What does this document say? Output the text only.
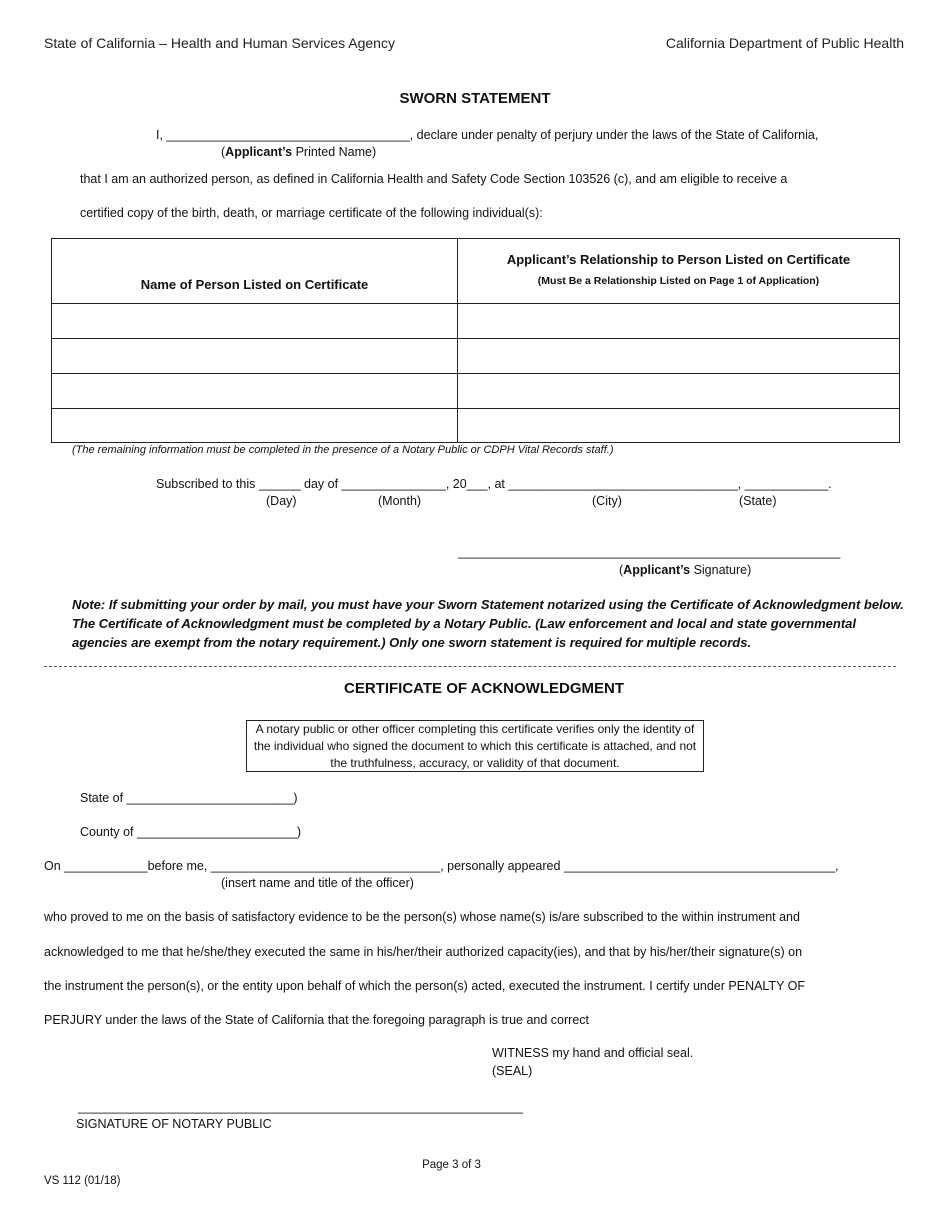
State of California – Health and Human Services Agency	California Department of Public Health
SWORN STATEMENT
I, ___________________________________, declare under penalty of perjury under the laws of the State of California,
(Applicant’s Printed Name)
that I am an authorized person, as defined in California Health and Safety Code Section 103526 (c), and am eligible to receive a
certified copy of the birth, death, or marriage certificate of the following individual(s):
Name of Person Listed on Certificate	Applicant’s Relationship to Person Listed on Certificate
(Must Be a Relationship Listed on Page 1 of Application)

(The remaining information must be completed in the presence of a Notary Public or CDPH Vital Records staff.)
Subscribed to this ______ day of _______________, 20___, at _________________________________, ____________.
(Day)	(Month)	(City)	(State)
_______________________________________________________
(Applicant’s Signature)
Note: If submitting your order by mail, you must have your Sworn Statement notarized using the Certificate of Acknowledgment below. The Certificate of Acknowledgment must be completed by a Notary Public. (Law enforcement and local and state governmental agencies are exempt from the notary requirement.) Only one sworn statement is required for multiple records.
CERTIFICATE OF ACKNOWLEDGMENT
A notary public or other officer completing this certificate verifies only the identity of the individual who signed the document to which this certificate is attached, and not the truthfulness, accuracy, or validity of that document.
State of ________________________)
County of _______________________)
On ____________before me, _________________________________, personally appeared _______________________________________,
(insert name and title of the officer)
who proved to me on the basis of satisfactory evidence to be the person(s) whose name(s) is/are subscribed to the within instrument and
acknowledged to me that he/she/they executed the same in his/her/their authorized capacity(ies), and that by his/her/their signature(s) on
the instrument the person(s), or the entity upon behalf of which the person(s) acted, executed the instrument. I certify under PENALTY OF
PERJURY under the laws of the State of California that the foregoing paragraph is true and correct
WITNESS my hand and official seal.
(SEAL)
________________________________________________________________
SIGNATURE OF NOTARY PUBLIC
Page 3 of 3
VS 112 (01/18)
